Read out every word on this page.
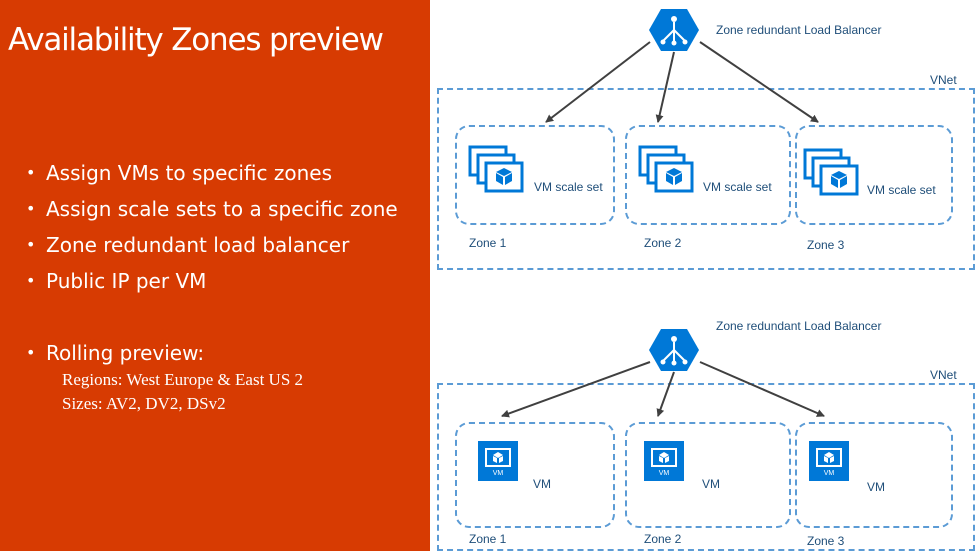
Availability Zones preview
• Assign VMs to specific zones
• Assign scale sets to a specific zone
• Zone redundant load balancer
• Public IP per VM
• Rolling preview:
Regions: West Europe & East US 2
Sizes: AV2, DV2, DSv2
VNet
Zone redundant Load Balancer
VM scale set	VM scale set	VM scale set
Zone 1	Zone 2	Zone 3
VNet
Zone redundant Load Balancer
VM	VM	VM
Zone 1	Zone 2	Zone 3
VM	VM	VM
